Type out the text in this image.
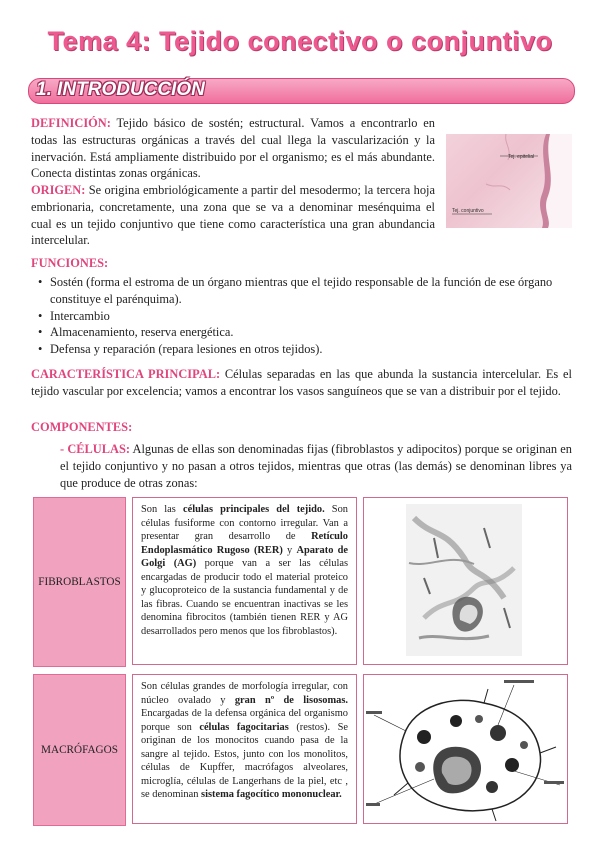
Tema 4: Tejido conectivo o conjuntivo
1. INTRODUCCIÓN
DEFINICIÓN: Tejido básico de sostén; estructural. Vamos a encontrarlo en todas las estructuras orgánicas a través del cual llega la vascularización y la inervación. Está ampliamente distribuido por el organismo; es el más abundante. Conecta distintas zonas orgánicas.
ORIGEN: Se origina embriológicamente a partir del mesodermo; la tercera hoja embrionaria, concretamente, una zona que se va a denominar mesénquima el cual es un tejido conjuntivo que tiene como característica una gran abundancia intercelular.
Tej. epitelial
Tej. conjuntivo
FUNCIONES:
• Sostén (forma el estroma de un órgano mientras que el tejido responsable de la función de ese órgano constituye el parénquima).
• Intercambio
• Almacenamiento, reserva energética.
• Defensa y reparación (repara lesiones en otros tejidos).
CARACTERÍSTICA PRINCIPAL: Células separadas en las que abunda la sustancia intercelular. Es el tejido vascular por excelencia; vamos a encontrar los vasos sanguíneos que se van a distribuir por el tejido.
COMPONENTES:
- CÉLULAS: Algunas de ellas son denominadas fijas (fibroblastos y adipocitos) porque se originan en el tejido conjuntivo y no pasan a otros tejidos, mientras que otras (las demás) se denominan libres ya que produce de otras zonas:
FIBROBLASTOS
Son las células principales del tejido. Son células fusiforme con contorno irregular. Van a presentar gran desarrollo de Retículo Endoplasmático Rugoso (RER) y Aparato de Golgi (AG) porque van a ser las células encargadas de producir todo el material proteico y glucoproteico de la sustancia fundamental y de las fibras. Cuando se encuentran inactivas se les denomina fibrocitos (también tienen RER y AG desarrollados pero menos que los fibroblastos).
MACRÓFAGOS
Son células grandes de morfología irregular, con núcleo ovalado y gran nº de lisosomas. Encargadas de la defensa orgánica del organismo porque son células fagocitarias (restos). Se originan de los monocitos cuando pasa de la sangre al tejido. Estos, junto con los monolitos, células de Kupffer, macrófagos alveolares, microglía, células de Langerhans de la piel, etc , se denominan sistema fagocítico mononuclear.
